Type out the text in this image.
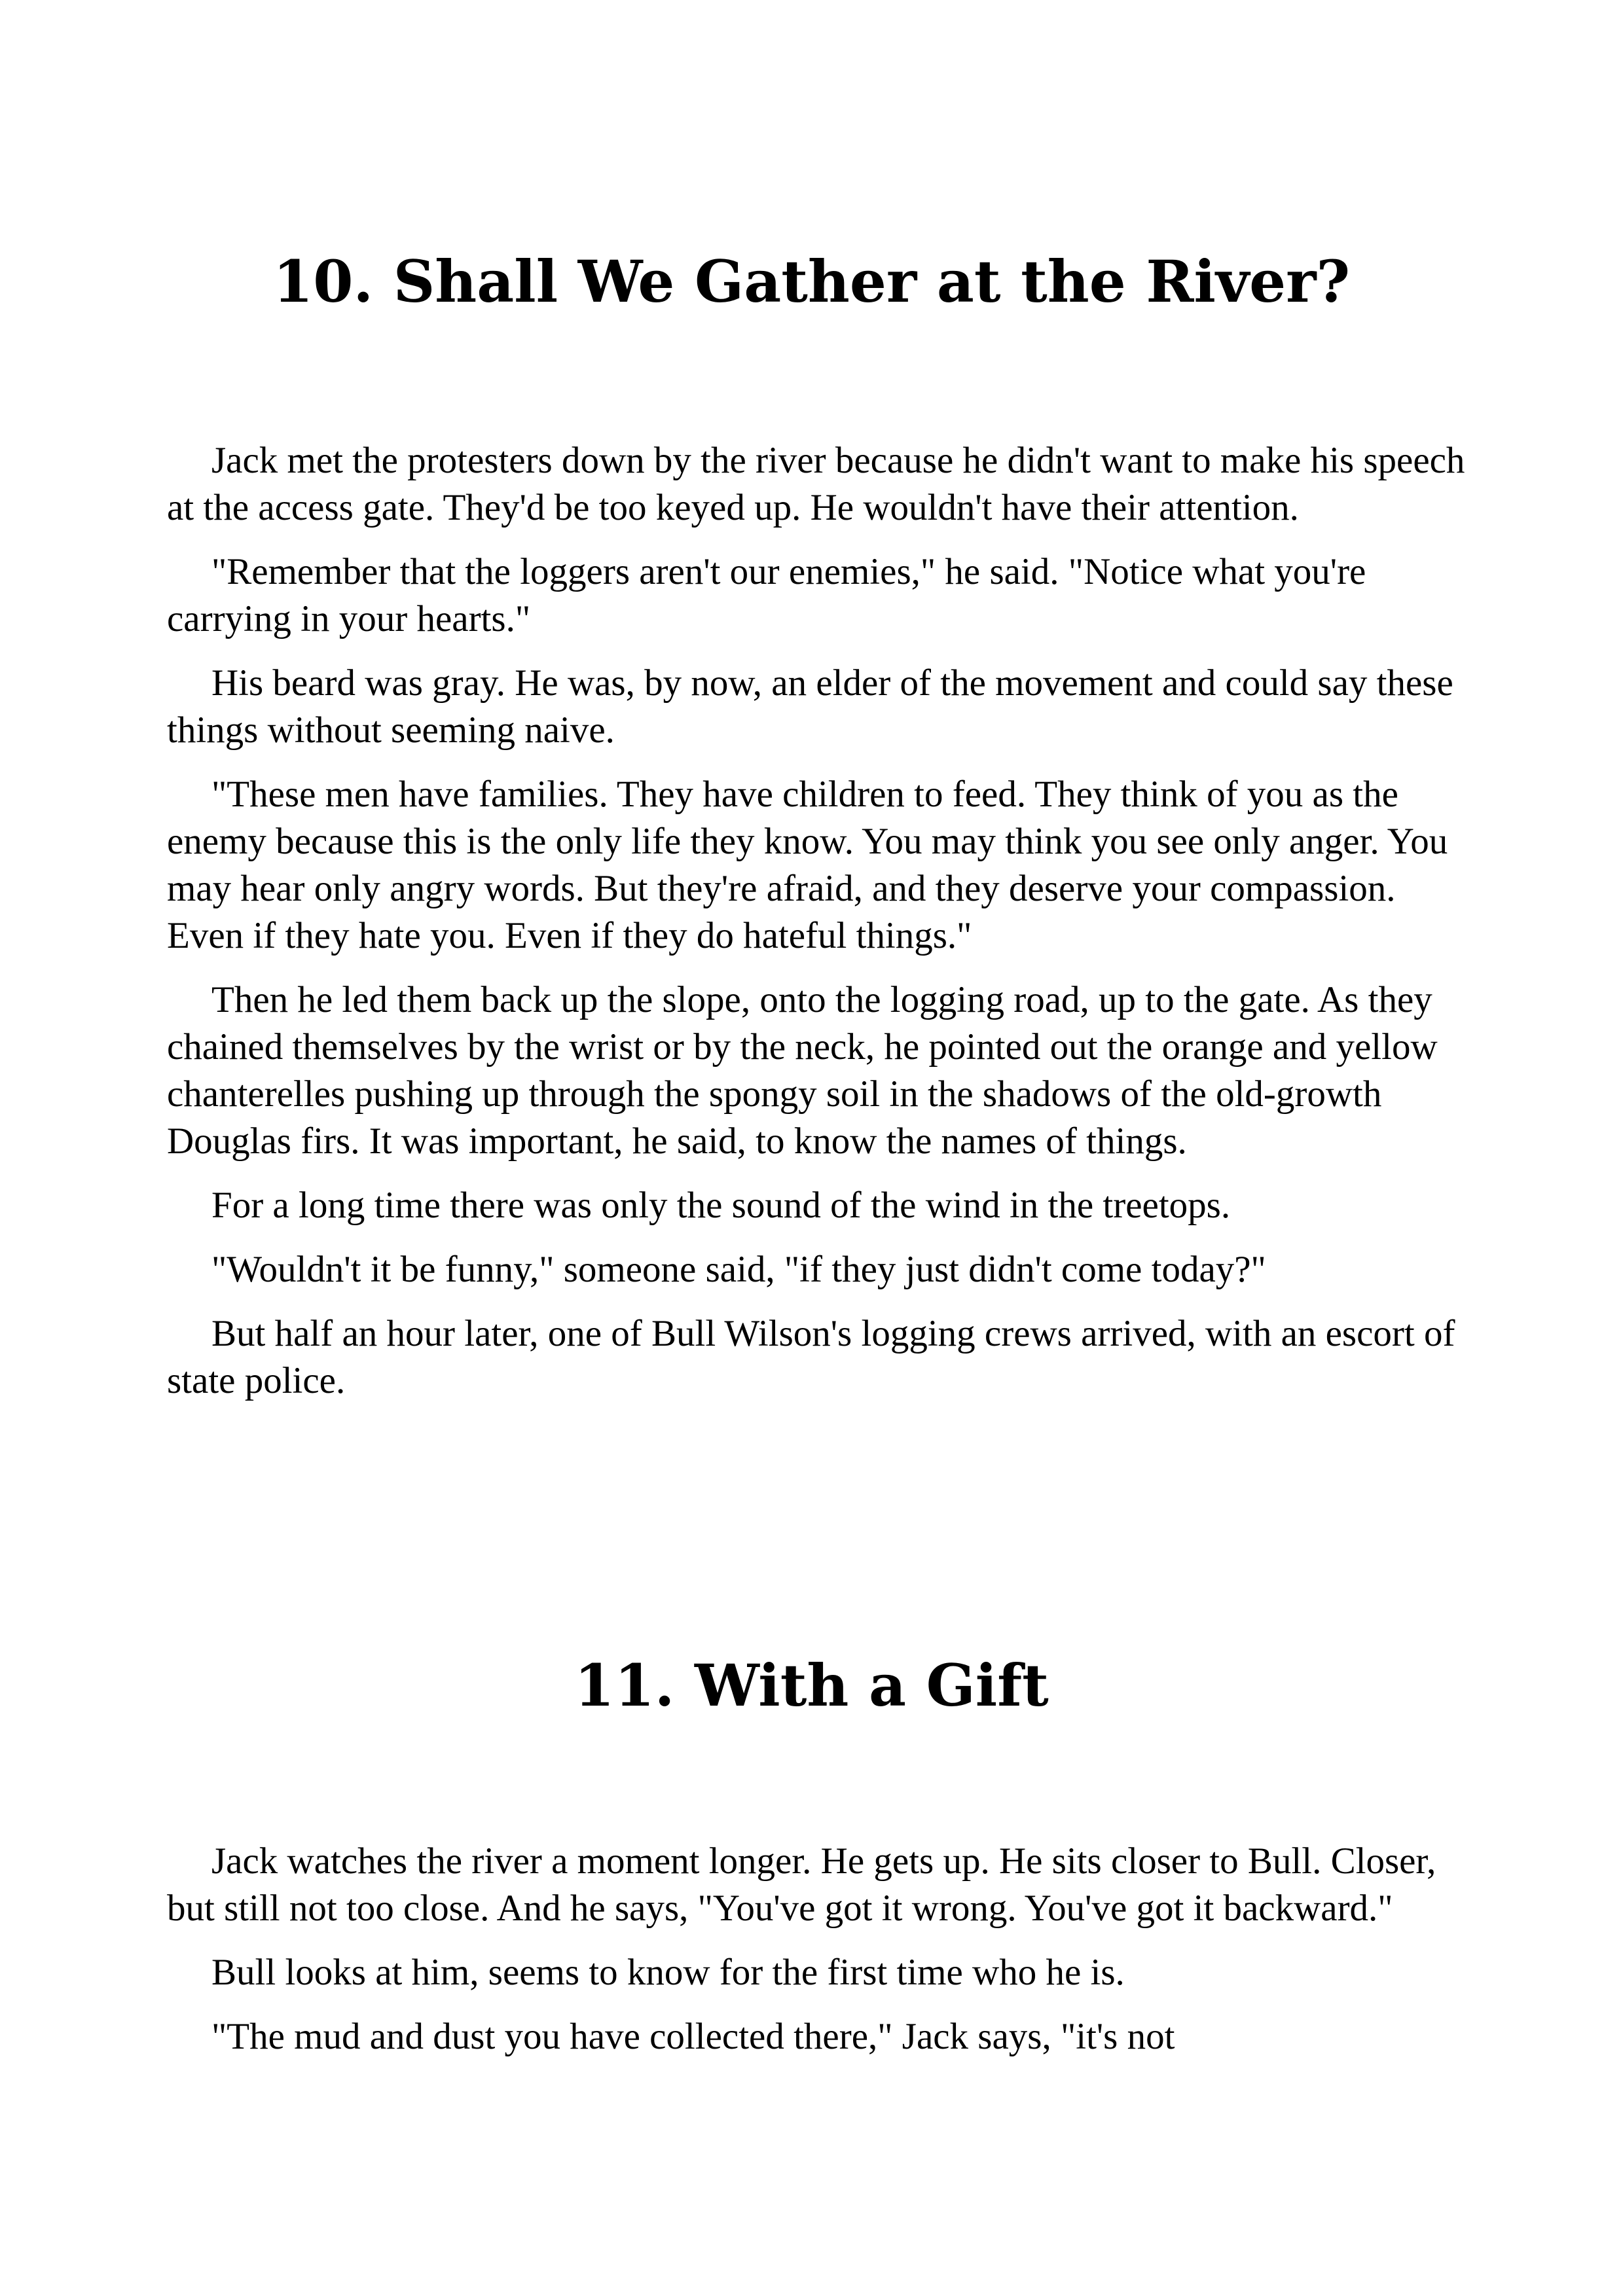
10. Shall We Gather at the River?

Jack met the protesters down by the river because he didn't want to make his speech at the access gate. They'd be too keyed up. He wouldn't have their attention.

"Remember that the loggers aren't our enemies," he said. "Notice what you're carrying in your hearts."

His beard was gray. He was, by now, an elder of the movement and could say these things without seeming naive.

"These men have families. They have children to feed. They think of you as the enemy because this is the only life they know. You may think you see only anger. You may hear only angry words. But they're afraid, and they deserve your compassion. Even if they hate you. Even if they do hateful things."

Then he led them back up the slope, onto the logging road, up to the gate. As they chained themselves by the wrist or by the neck, he pointed out the orange and yellow chanterelles pushing up through the spongy soil in the shadows of the old-growth Douglas firs. It was important, he said, to know the names of things.

For a long time there was only the sound of the wind in the treetops.

"Wouldn't it be funny," someone said, "if they just didn't come today?"

But half an hour later, one of Bull Wilson's logging crews arrived, with an escort of state police.

11. With a Gift

Jack watches the river a moment longer. He gets up. He sits closer to Bull. Closer, but still not too close. And he says, "You've got it wrong. You've got it backward."

Bull looks at him, seems to know for the first time who he is.

"The mud and dust you have collected there," Jack says, "it's not
